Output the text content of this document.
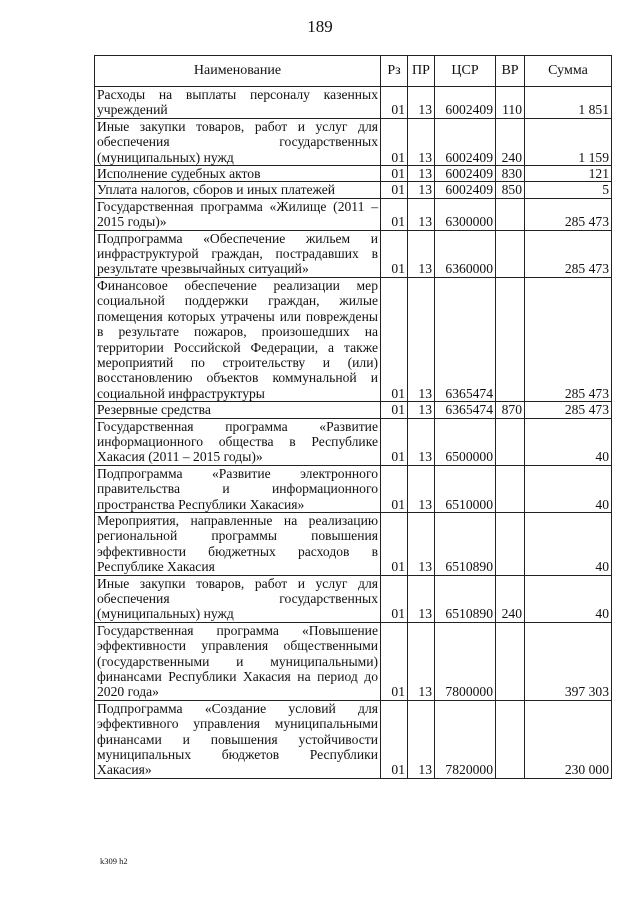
189
Наименование	Рз	ПР	ЦСР	ВР	Сумма
Расходы на выплаты персоналу казенных учреждений	01	13	6002409	110	1 851
Иные закупки товаров, работ и услуг для обеспечения государственных (муниципальных) нужд	01	13	6002409	240	1 159
Исполнение судебных актов	01	13	6002409	830	121
Уплата налогов, сборов и иных платежей	01	13	6002409	850	5
Государственная программа «Жилище (2011 – 2015 годы)»	01	13	6300000		285 473
Подпрограмма «Обеспечение жильем и инфраструктурой граждан, пострадавших в результате чрезвычайных ситуаций»	01	13	6360000		285 473
Финансовое обеспечение реализации мер социальной поддержки граждан, жилые помещения которых утрачены или повреждены в результате пожаров, произошедших на территории Российской Федерации, а также мероприятий по строительству и (или) восстановлению объектов коммунальной и социальной инфраструктуры	01	13	6365474		285 473
Резервные средства	01	13	6365474	870	285 473
Государственная программа «Развитие информационного общества в Республике Хакасия (2011 – 2015 годы)»	01	13	6500000		40
Подпрограмма «Развитие электронного правительства и информационного пространства Республики Хакасия»	01	13	6510000		40
Мероприятия, направленные на реализацию региональной программы повышения эффективности бюджетных расходов в Республике Хакасия	01	13	6510890		40
Иные закупки товаров, работ и услуг для обеспечения государственных (муниципальных) нужд	01	13	6510890	240	40
Государственная программа «Повышение эффективности управления общественными (государственными и муниципальными) финансами Республики Хакасия на период до 2020 года»	01	13	7800000		397 303
Подпрограмма «Создание условий для эффективного управления муниципальными финансами и повышения устойчивости муниципальных бюджетов Республики Хакасия»	01	13	7820000		230 000
k309 h2
